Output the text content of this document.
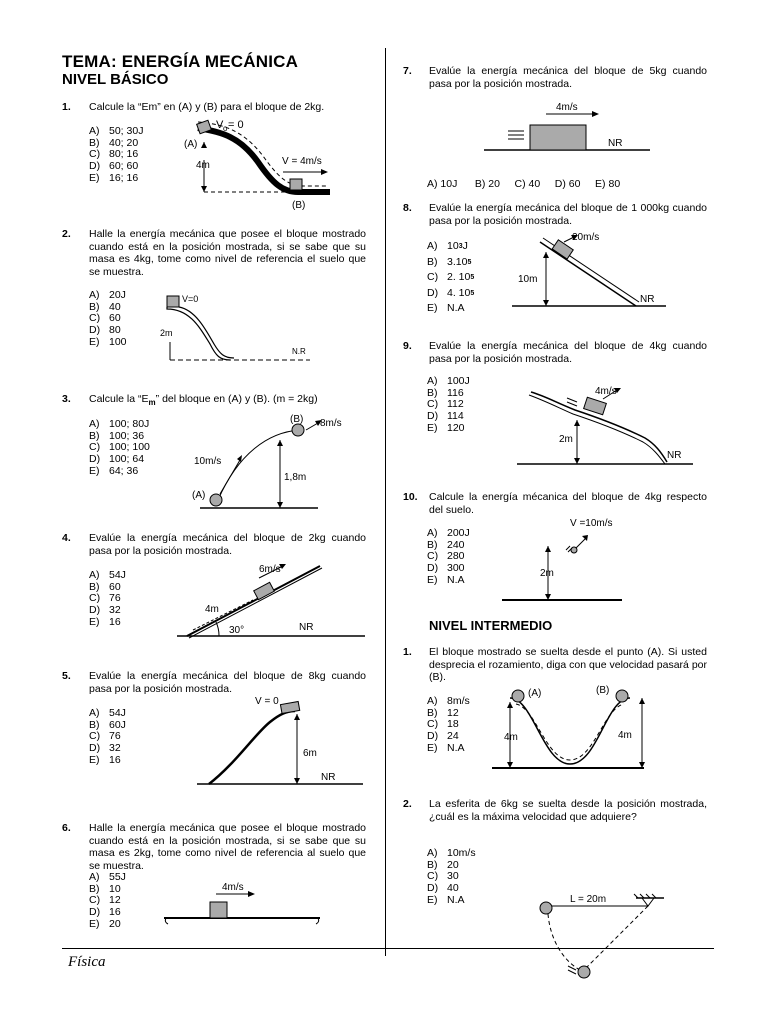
Física
TEMA: ENERGÍA MECÁNICA
NIVEL BÁSICO
1. Calcule la “Em” en (A) y (B) para el bloque de 2kg.
A) 50; 30J
B) 40; 20
C) 80; 16
D) 60; 60
E) 16; 16
(A)
4m
V o = 0
V = 4m/s
(B)
2. Halle la energía mecánica que posee el bloque mostrado cuando está en la posición mostrada, si se sabe que su masa es 4kg, tome como nivel de referencia el suelo que se muestra.
A) 20J
B) 40
C) 60
D) 80
E) 100
V=0
2m
N.R
3. Calcule la “$E_m$” del bloque en (A) y (B). (m = 2kg)
A) 100; 80J
B) 100; 36
C) 100; 100
D) 100; 64
E) 64; 36
(B) 8m/s
10m/s
1,8m
(A)
4. Evalúe la energía mecánica del bloque de 2kg cuando pasa por la posición mostrada.
A) 54J
B) 60
C) 76
D) 32
E) 16
6m/s
4m
30°	NR
5. Evalúe la energía mecánica del bloque de 8kg cuando pasa por la posición mostrada.
A) 54J
B) 60J
C) 76
D) 32
E) 16
V = 0
6m
NR
6. Halle la energía mecánica que posee el bloque mostrado cuando está en la posición mostrada, si se sabe que su masa es 2kg, tome como nivel de referencia al suelo que se muestra.
A) 55J
B) 10
C) 12
D) 16
E) 20
4m/s
7. Evalúe la energía mecánica del bloque de 5kg cuando pasa por la posición mostrada.
4m/s
NR
A) 10J      B) 20     C) 40     D) 60     E) 80
8. Evalúe la energía mecánica del bloque de 1 000kg cuando pasa por la posición mostrada.
A) 10 3 J
B) 3.10 5
C) 2. 10 5
D) 4. 10 5
E) N.A
20m/s
10m
NR
9. Evalúe la energía mecánica del bloque de 4kg cuando pasa por la posición mostrada.
A) 100J
B) 116
C) 112
D) 114
E) 120
4m/s
2m
NR
10. Calcule la energía mécanica del bloque de 4kg respecto del suelo.
A) 200J
B) 240
C) 280
D) 300
E) N.A
V =10m/s
2m
NIVEL INTERMEDIO
1. El bloque mostrado se suelta desde el punto (A). Si usted desprecia el rozamiento, diga con que velocidad pasará por (B).
A) 8m/s
B) 12
C) 18
D) 24
E) N.A
(A)	(B)
4m	4m
2. La esferita de 6kg se suelta desde la posición mostrada, ¿cuál es la máxima velocidad que adquiere?
A) 10m/s
B) 20
C) 30
D) 40
E) N.A	L = 20m
